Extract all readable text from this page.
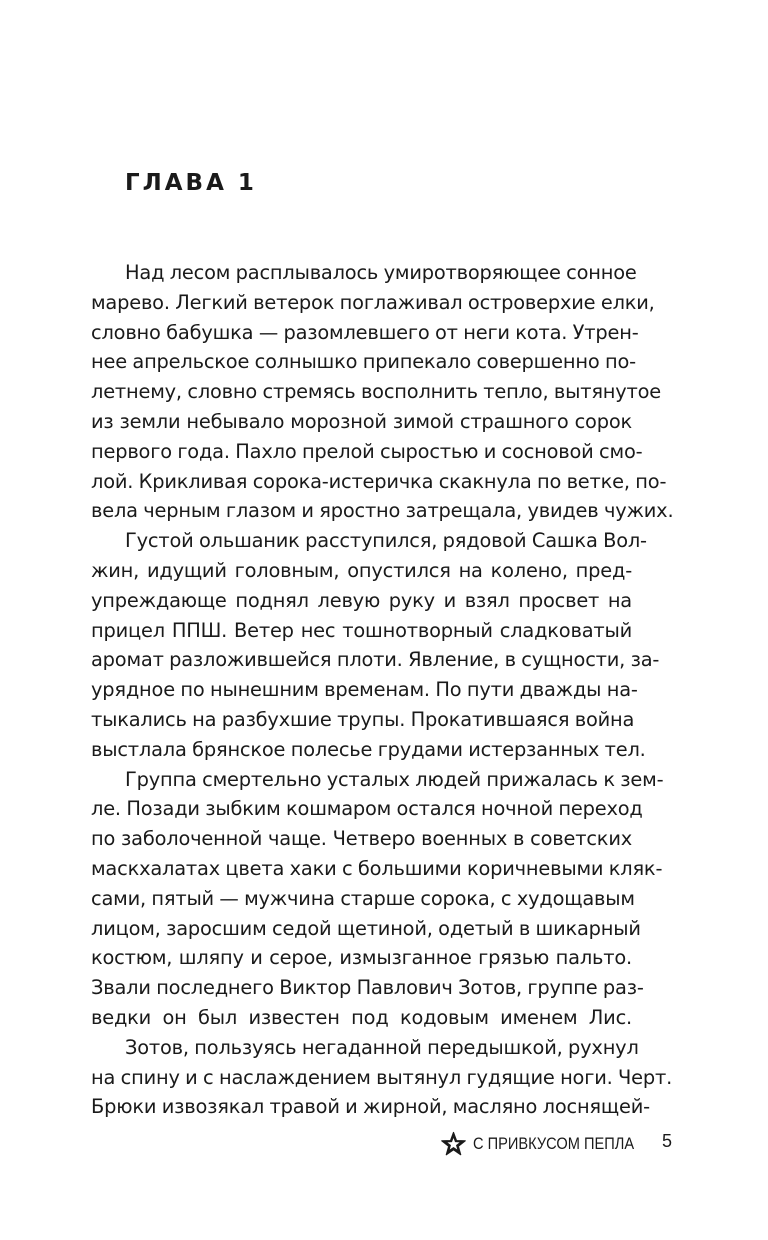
ГЛАВА 1
Над лесом расплывалось умиротворяющее сонное
марево. Легкий ветерок поглаживал островерхие елки,
словно бабушка — разомлевшего от неги кота. Утрен-
нее апрельское солнышко припекало совершенно по-
летнему, словно стремясь восполнить тепло, вытянутое
из земли небывало морозной зимой страшного сорок
первого года. Пахло прелой сыростью и сосновой смо-
лой. Крикливая сорока-истеричка скакнула по ветке, по-
вела черным глазом и яростно затрещала, увидев чужих.
Густой ольшаник расступился, рядовой Сашка Вол-
жин, идущий головным, опустился на колено, пред-
упреждающе поднял левую руку и взял просвет на
прицел ППШ. Ветер нес тошнотворный сладковатый
аромат разложившейся плоти. Явление, в сущности, за-
урядное по нынешним временам. По пути дважды на-
тыкались на разбухшие трупы. Прокатившаяся война
выстлала брянское полесье грудами истерзанных тел.
Группа смертельно усталых людей прижалась к зем-
ле. Позади зыбким кошмаром остался ночной переход
по заболоченной чаще. Четверо военных в советских
маскхалатах цвета хаки с большими коричневыми кляк-
сами, пятый — мужчина старше сорока, с худощавым
лицом, заросшим седой щетиной, одетый в шикарный
костюм, шляпу и серое, измызганное грязью пальто.
Звали последнего Виктор Павлович Зотов, группе раз-
ведки он был известен под кодовым именем Лис.
Зотов, пользуясь негаданной передышкой, рухнул
на спину и с наслаждением вытянул гудящие ноги. Черт.
Брюки извозякал травой и жирной, масляно лоснящей-
С ПРИВКУСОМ ПЕПЛА 5
